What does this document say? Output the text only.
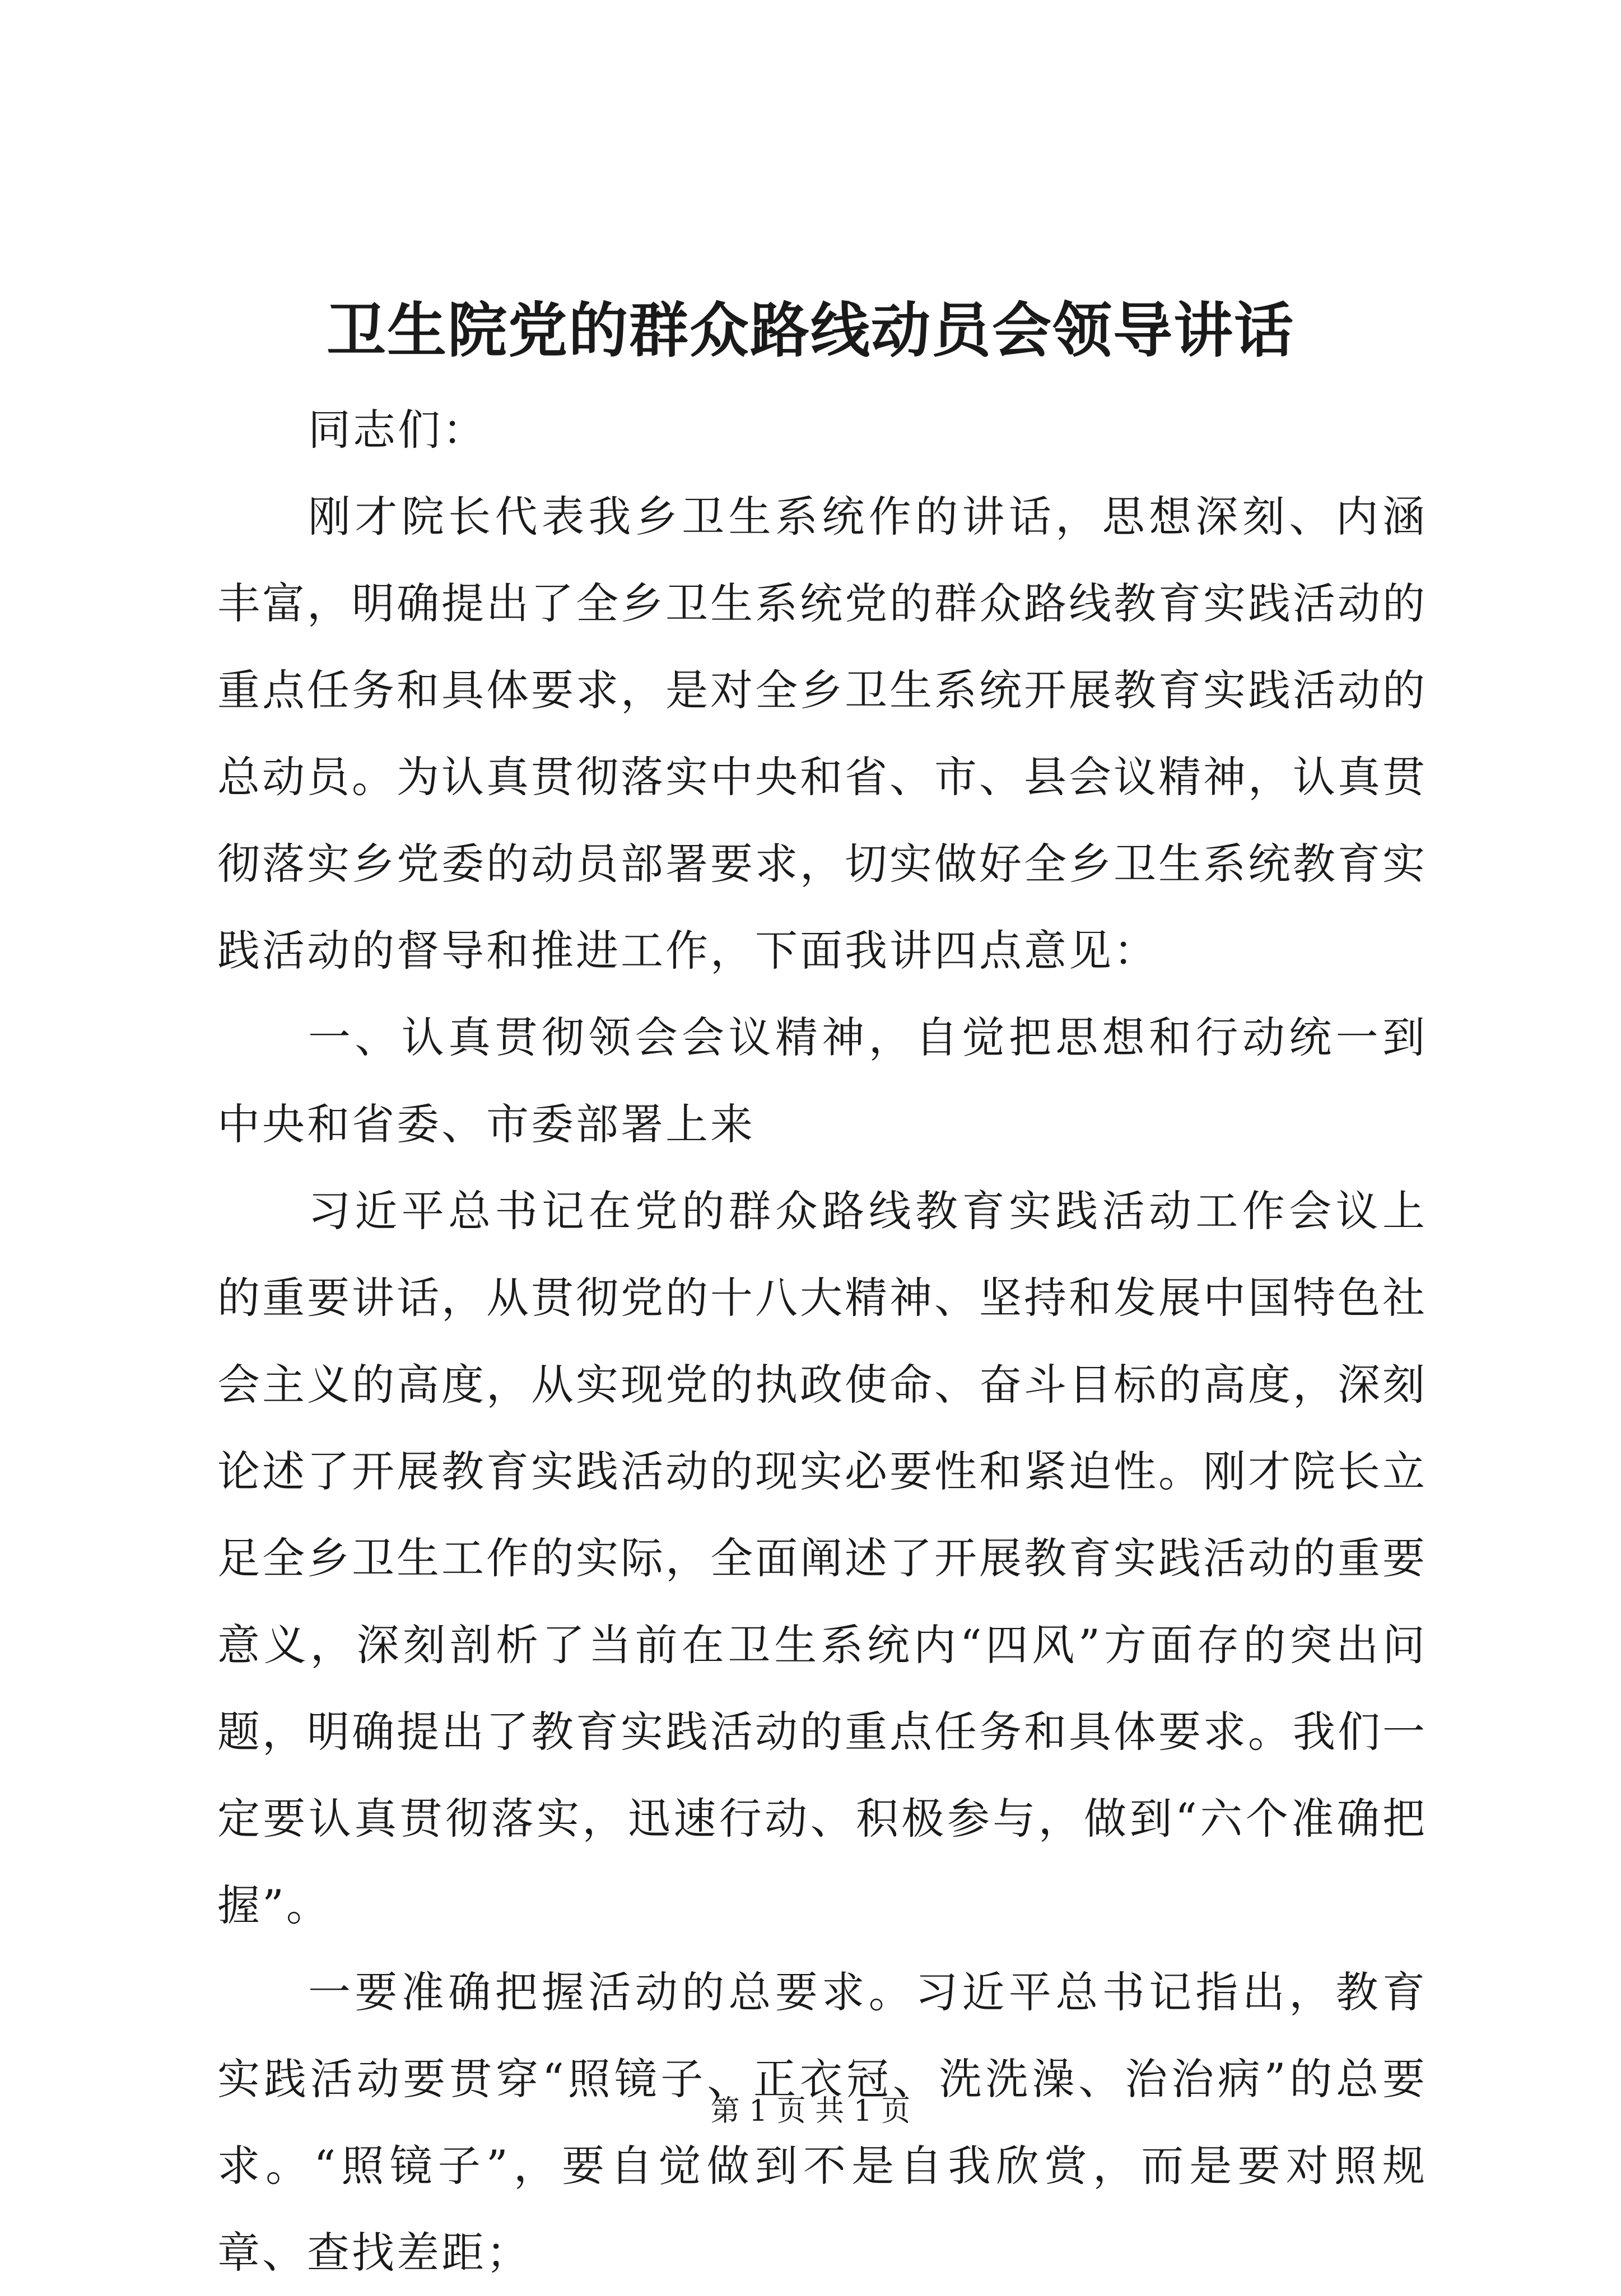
卫生院党的群众路线动员会领导讲话

同志们：

刚才院长代表我乡卫生系统作的讲话，思想深刻、内涵丰富，明确提出了全乡卫生系统党的群众路线教育实践活动的重点任务和具体要求，是对全乡卫生系统开展教育实践活动的总动员。为认真贯彻落实中央和省、市、县会议精神，认真贯彻落实乡党委的动员部署要求，切实做好全乡卫生系统教育实践活动的督导和推进工作，下面我讲四点意见：

一、认真贯彻领会会议精神，自觉把思想和行动统一到中央和省委、市委部署上来

习近平总书记在党的群众路线教育实践活动工作会议上的重要讲话，从贯彻党的十八大精神、坚持和发展中国特色社会主义的高度，从实现党的执政使命、奋斗目标的高度，深刻论述了开展教育实践活动的现实必要性和紧迫性。刚才院长立足全乡卫生工作的实际，全面阐述了开展教育实践活动的重要意义，深刻剖析了当前在卫生系统内“四风”方面存的突出问题，明确提出了教育实践活动的重点任务和具体要求。我们一定要认真贯彻落实，迅速行动、积极参与，做到“六个准确把握”。

一要准确把握活动的总要求。习近平总书记指出，教育实践活动要贯穿“照镜子、正衣冠、洗洗澡、治治病”的总要求。“照镜子”，要自觉做到不是自我欣赏，而是要对照规章、查找差距；

第 1 页 共 1 页
